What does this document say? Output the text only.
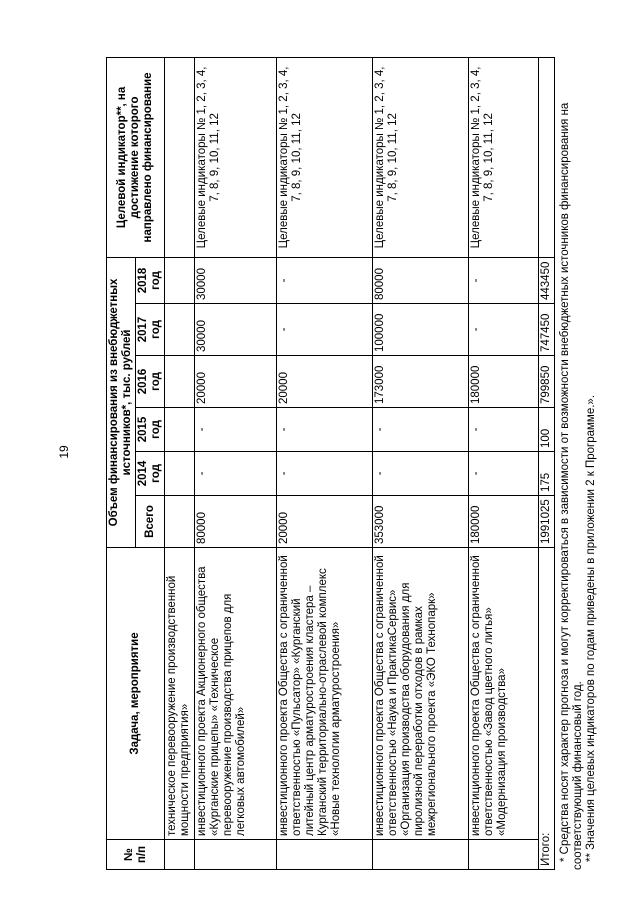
19
№ п/п	Задача, мероприятие	Объем финансирования из внебюджетных источников*, тыс. рублей						Целевой индикатор**, на достижение которого направлено финансирование
		Всего	2014 год	2015 год	2016 год	2017 год	2018 год	
	техническое перевооружение производственной мощности предприятия»							
	инвестиционного проекта Акционерного общества «Курганские прицепы» «Техническое перевооружение производства прицепов для легковых автомобилей»	80000	-	-	20000	30000	30000	Целевые индикаторы № 1, 2, 3, 4, 7, 8, 9, 10, 11, 12
	инвестиционного проекта Общества с ограниченной ответственностью «Пульсатор» «Курганский литейный центр арматуростроения кластера – Курганский территориально-отраслевой комплекс «Новые технологии арматуростроения»	20000	-	-	20000	-	-	Целевые индикаторы № 1, 2, 3, 4, 7, 8, 9, 10, 11, 12
	инвестиционного проекта Общества с ограниченной ответственностью «Наука и ПрактикаСервис» «Организация производства оборудования для пиролизной переработки отходов в рамках межрегионального проекта «ЭКО Технопарк»	353000	-	-	173000	100000	80000	Целевые индикаторы № 1, 2, 3, 4, 7, 8, 9, 10, 11, 12
	инвестиционного проекта Общества с ограниченной ответственностью «Завод цветного литья» «Модернизация производства»	180000	-	-	180000	-	-	Целевые индикаторы № 1, 2, 3, 4, 7, 8, 9, 10, 11, 12
Итого:		1991025	175	100	799850	747450	443450	* Средства носят характер прогноза и могут корректироваться в зависимости от возможности внебюджетных источников финансирования на соответствующий финансовый год. ** Значения целевых индикаторов по годам приведены в приложении 2 к Программе.».
